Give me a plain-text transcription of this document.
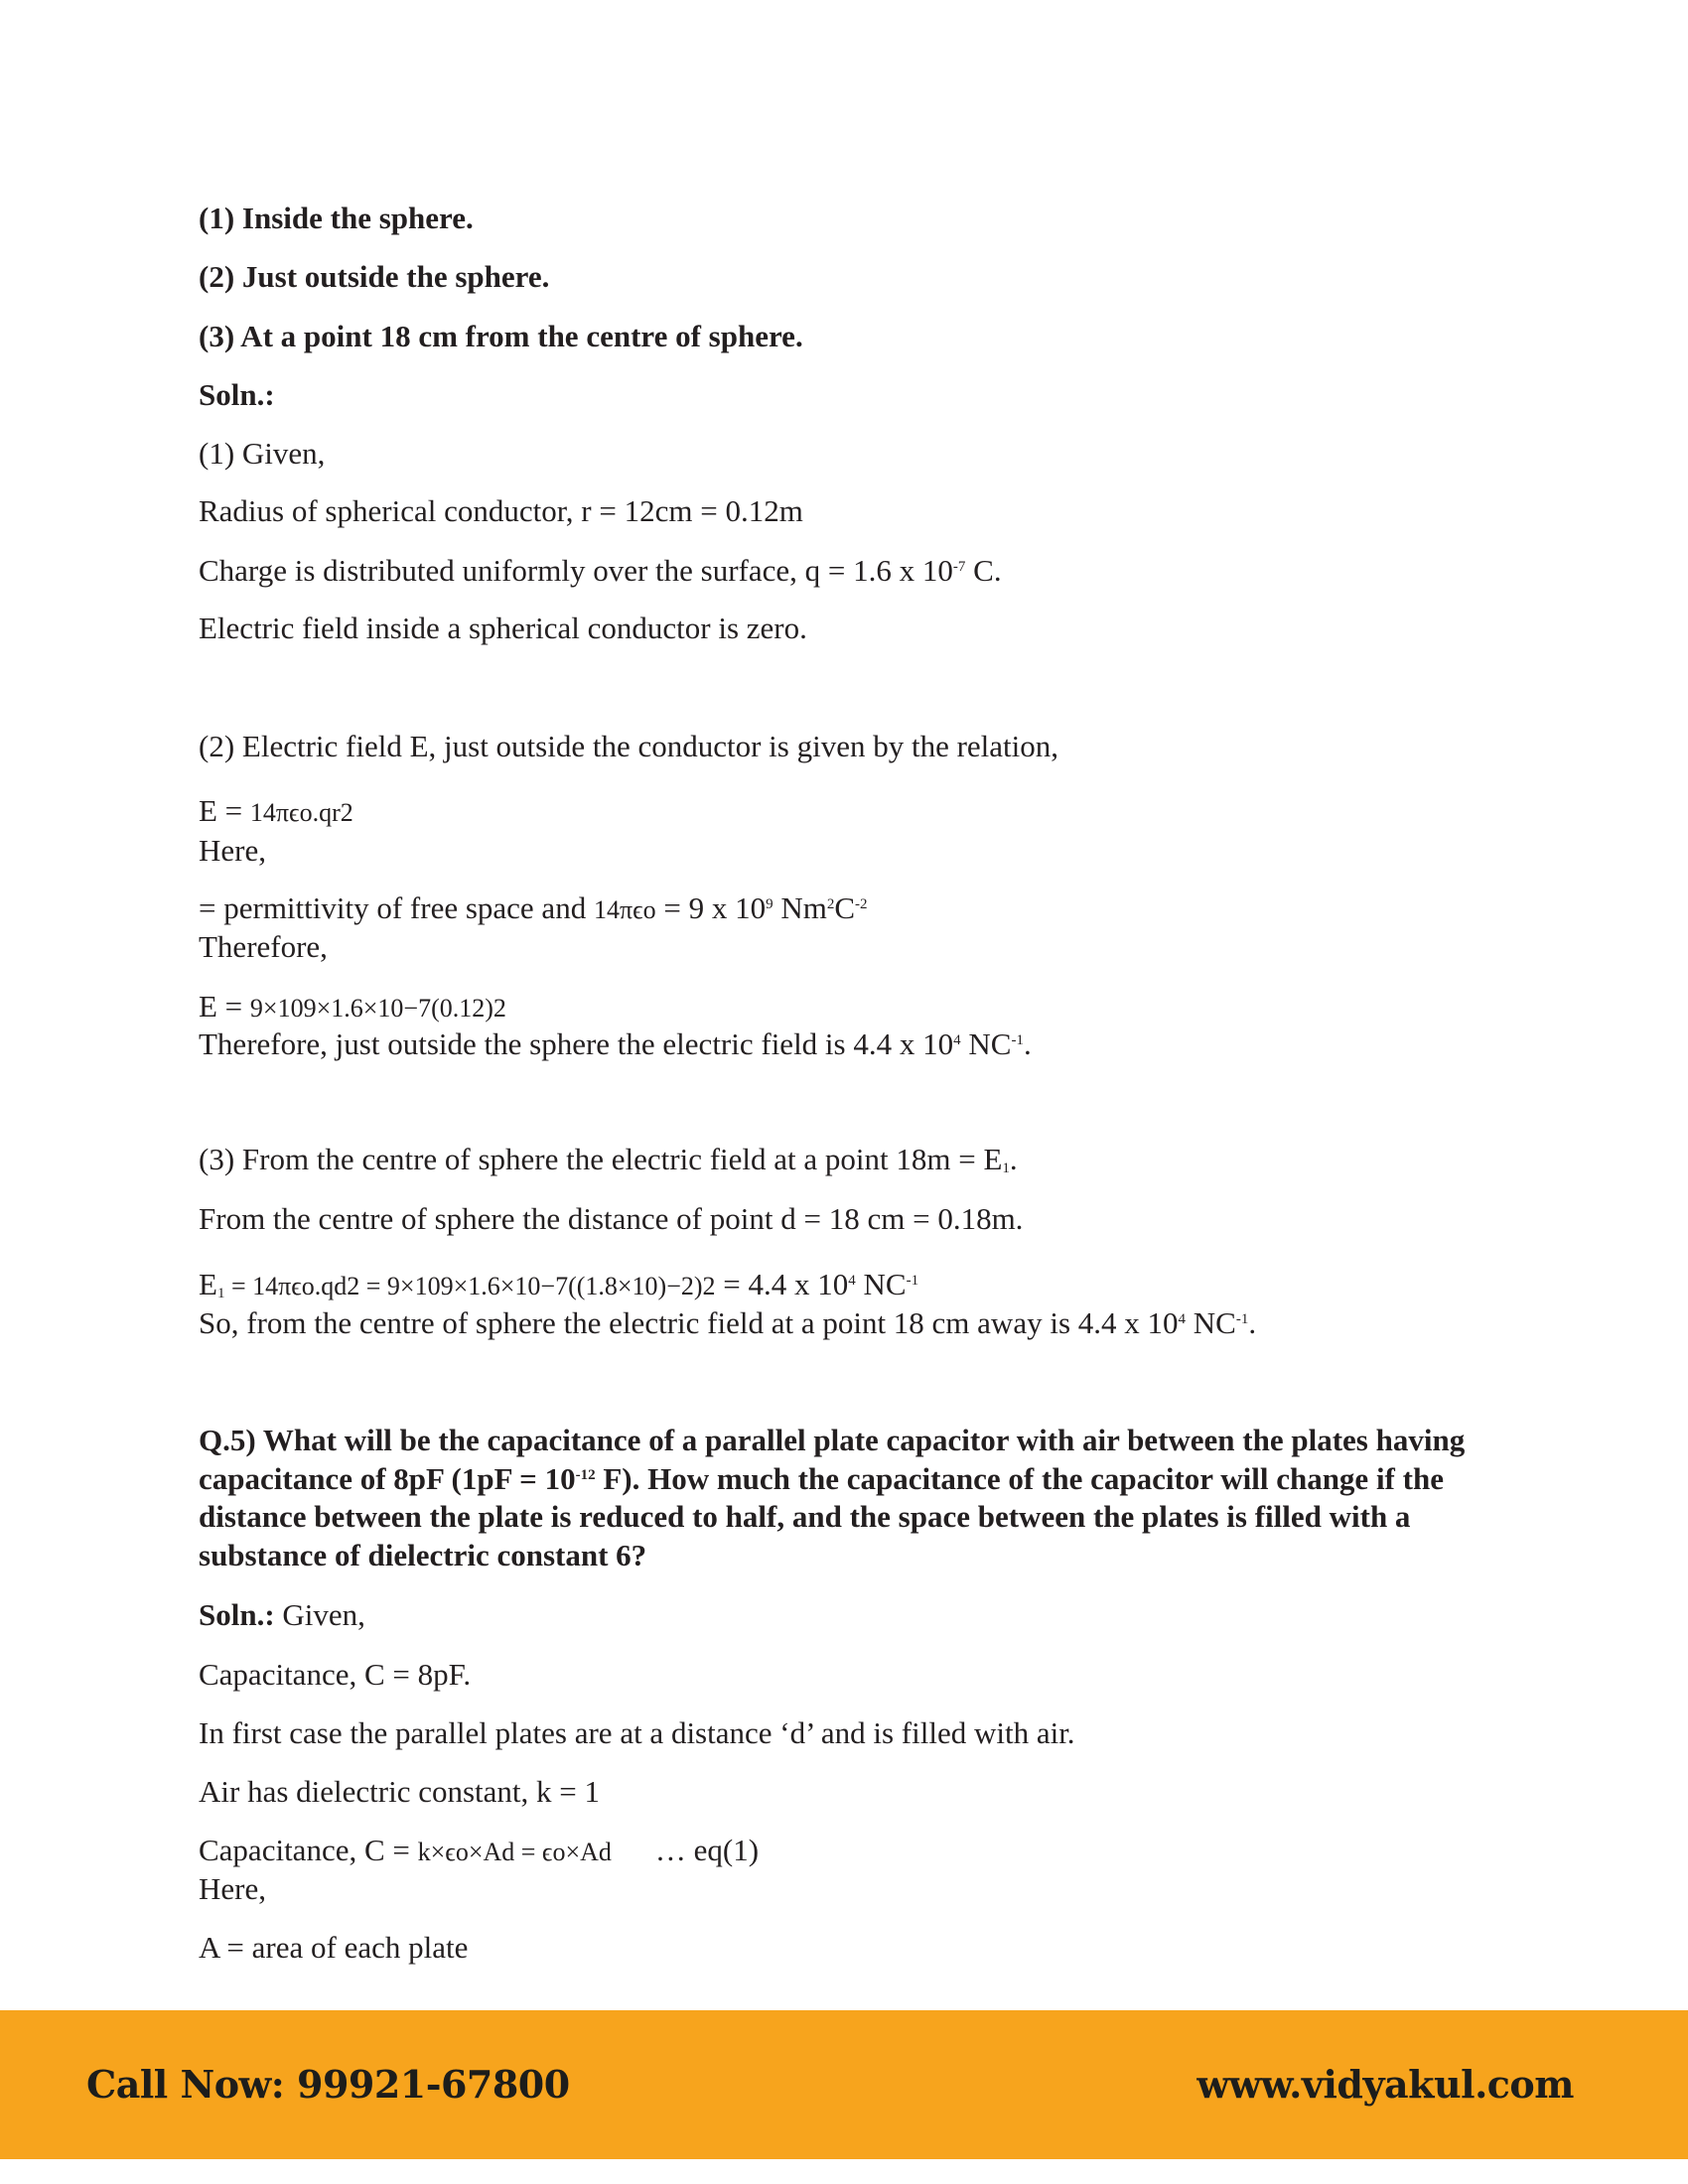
(1) Inside the sphere.

(2) Just outside the sphere.

(3) At a point 18 cm from the centre of sphere.

Soln.:

(1) Given,

Radius of spherical conductor, r = 12cm = 0.12m

Charge is distributed uniformly over the surface, q = 1.6 x $10^{-7}$ C.

Electric field inside a spherical conductor is zero.

(2) Electric field E, just outside the conductor is given by the relation,

E = 14πϵo.qr2

Here,

= permittivity of free space and 14πϵo = 9 x $10^9$ $Nm^2C^{-2}$

Therefore,

E = 9×109×1.6×10−7(0.12)2

Therefore, just outside the sphere the electric field is 4.4 x $10^4$ $NC^{-1}$.

(3) From the centre of sphere the electric field at a point $18m = E_1$.

From the centre of sphere the distance of point d = 18 cm = 0.18m.

$E_1 = 14\pi\epsilon o.qd2 = 9\times 109\times 1.6\times 10-7((1.8\times 10)-2)2 = 4.4$ x $10^4$ $NC^{-1}$

So, from the centre of sphere the electric field at a point 18 cm away is 4.4 x $10^4$ $NC^{-1}$.

Q.5) What will be the capacitance of a parallel plate capacitor with air between the plates having capacitance of 8pF ($1pF = 10^{-12}$ F). How much the capacitance of the capacitor will change if the distance between the plate is reduced to half, and the space between the plates is filled with a substance of dielectric constant 6?

Soln.: Given,

Capacitance, C = 8pF.

In first case the parallel plates are at a distance ‘d’ and is filled with air.

Air has dielectric constant, k = 1

Capacitance, C = k×ϵo×Ad = ϵo×Ad … eq(1)

Here,

A = area of each plate

Call Now: 99921-67800	www.vidyakul.com
